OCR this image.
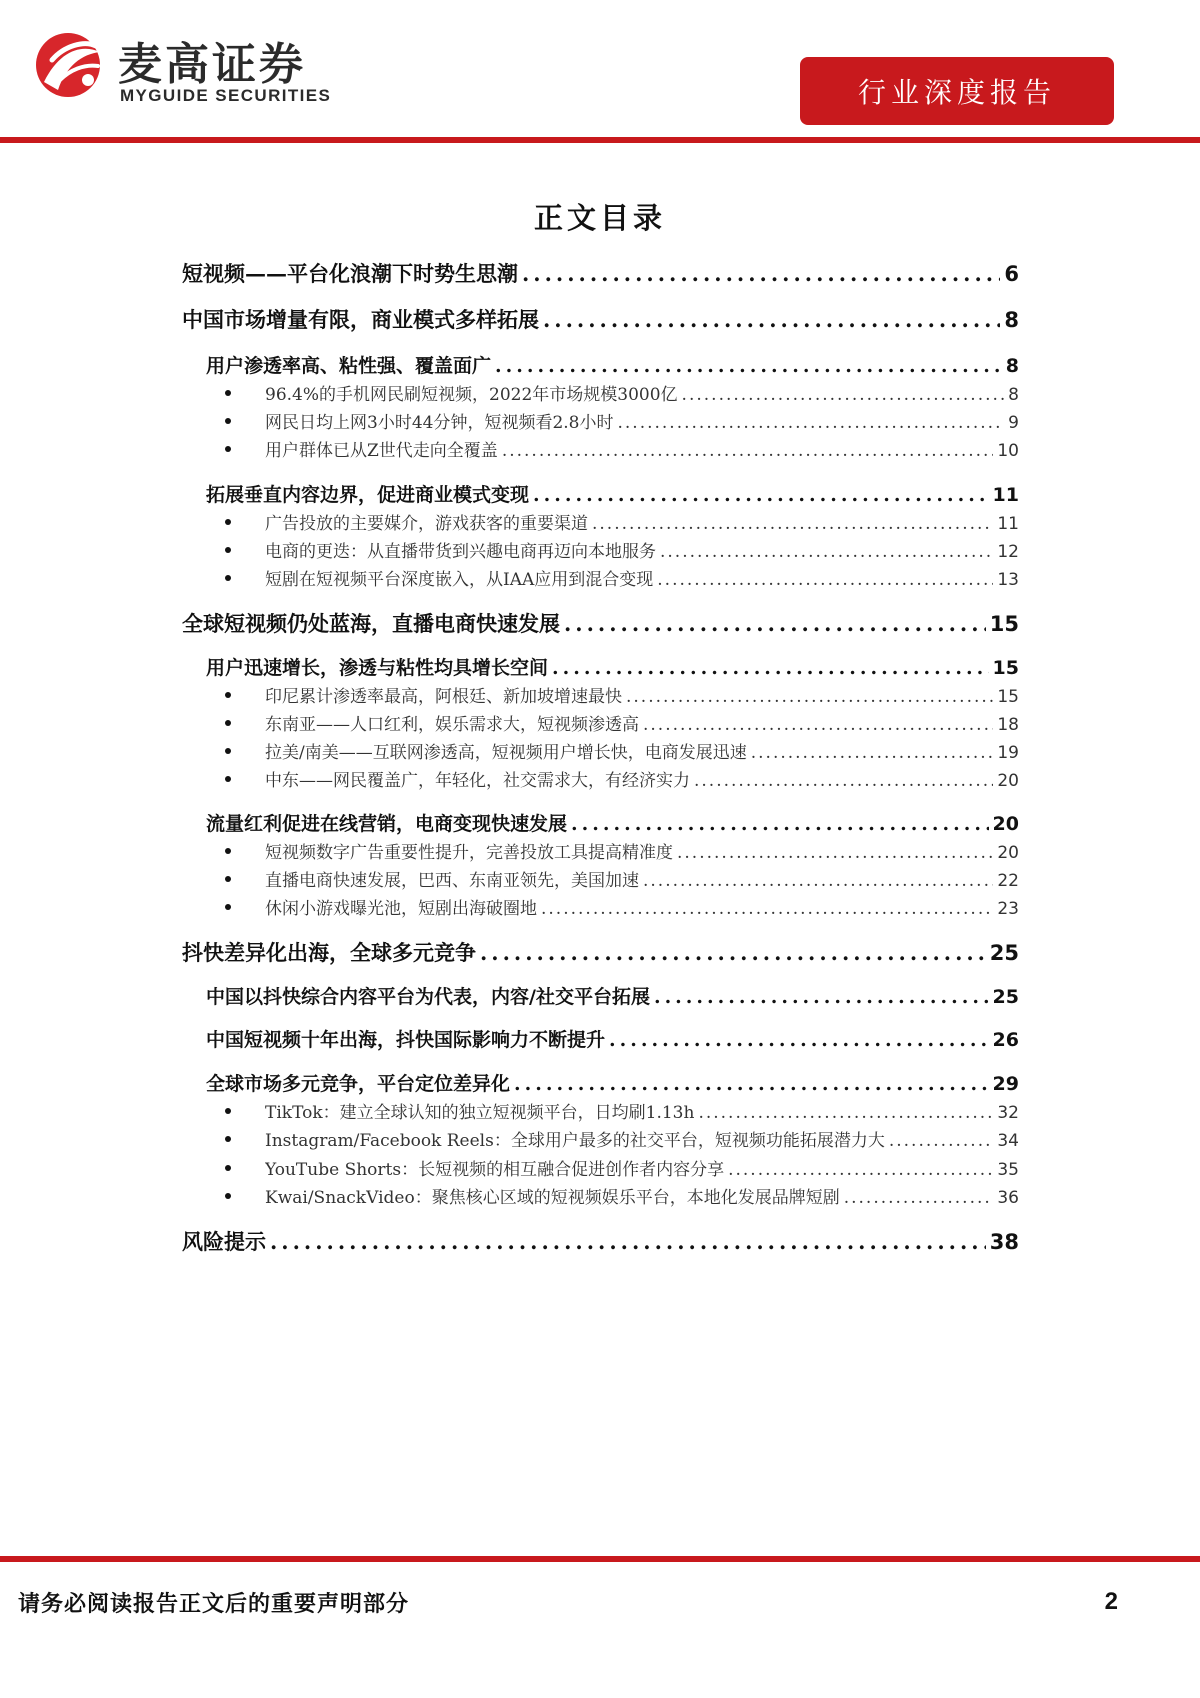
麦高证券
MYGUIDE SECURITIES	行业深度报告
正文目录
短视频——平台化浪潮下时势生思潮 .....	6
中国市场增量有限，商业模式多样拓展 .....	8
用户渗透率高、粘性强、覆盖面广 .....	8
96.4%的手机网民刷短视频，2022年市场规模3000亿 .....	8
网民日均上网3小时44分钟，短视频看2.8小时 .....	9
用户群体已从Z世代走向全覆盖 .....	10
拓展垂直内容边界，促进商业模式变现 .....	11
广告投放的主要媒介，游戏获客的重要渠道 .....	11
电商的更迭：从直播带货到兴趣电商再迈向本地服务 .....	12
短剧在短视频平台深度嵌入，从IAA应用到混合变现 .....	13
全球短视频仍处蓝海，直播电商快速发展 .....	15
用户迅速增长，渗透与粘性均具增长空间 .....	15
印尼累计渗透率最高，阿根廷、新加坡增速最快 .....	15
东南亚——人口红利，娱乐需求大，短视频渗透高 .....	18
拉美/南美——互联网渗透高，短视频用户增长快，电商发展迅速 .....	19
中东——网民覆盖广，年轻化，社交需求大，有经济实力 .....	20
流量红利促进在线营销，电商变现快速发展 .....	20
短视频数字广告重要性提升，完善投放工具提高精准度 .....	20
直播电商快速发展，巴西、东南亚领先，美国加速 .....	22
休闲小游戏曝光池，短剧出海破圈地 .....	23
抖快差异化出海，全球多元竞争 .....	25
中国以抖快综合内容平台为代表，内容/社交平台拓展 .....	25
中国短视频十年出海，抖快国际影响力不断提升 .....	26
全球市场多元竞争，平台定位差异化 .....	29
TikTok：建立全球认知的独立短视频平台，日均刷1.13h .....	32
Instagram/Facebook Reels：全球用户最多的社交平台，短视频功能拓展潜力大 .....	34
YouTube Shorts：长短视频的相互融合促进创作者内容分享 .....	35
Kwai/SnackVideo：聚焦核心区域的短视频娱乐平台，本地化发展品牌短剧 .....	36
风险提示 .....	38
请务必阅读报告正文后的重要声明部分	2
